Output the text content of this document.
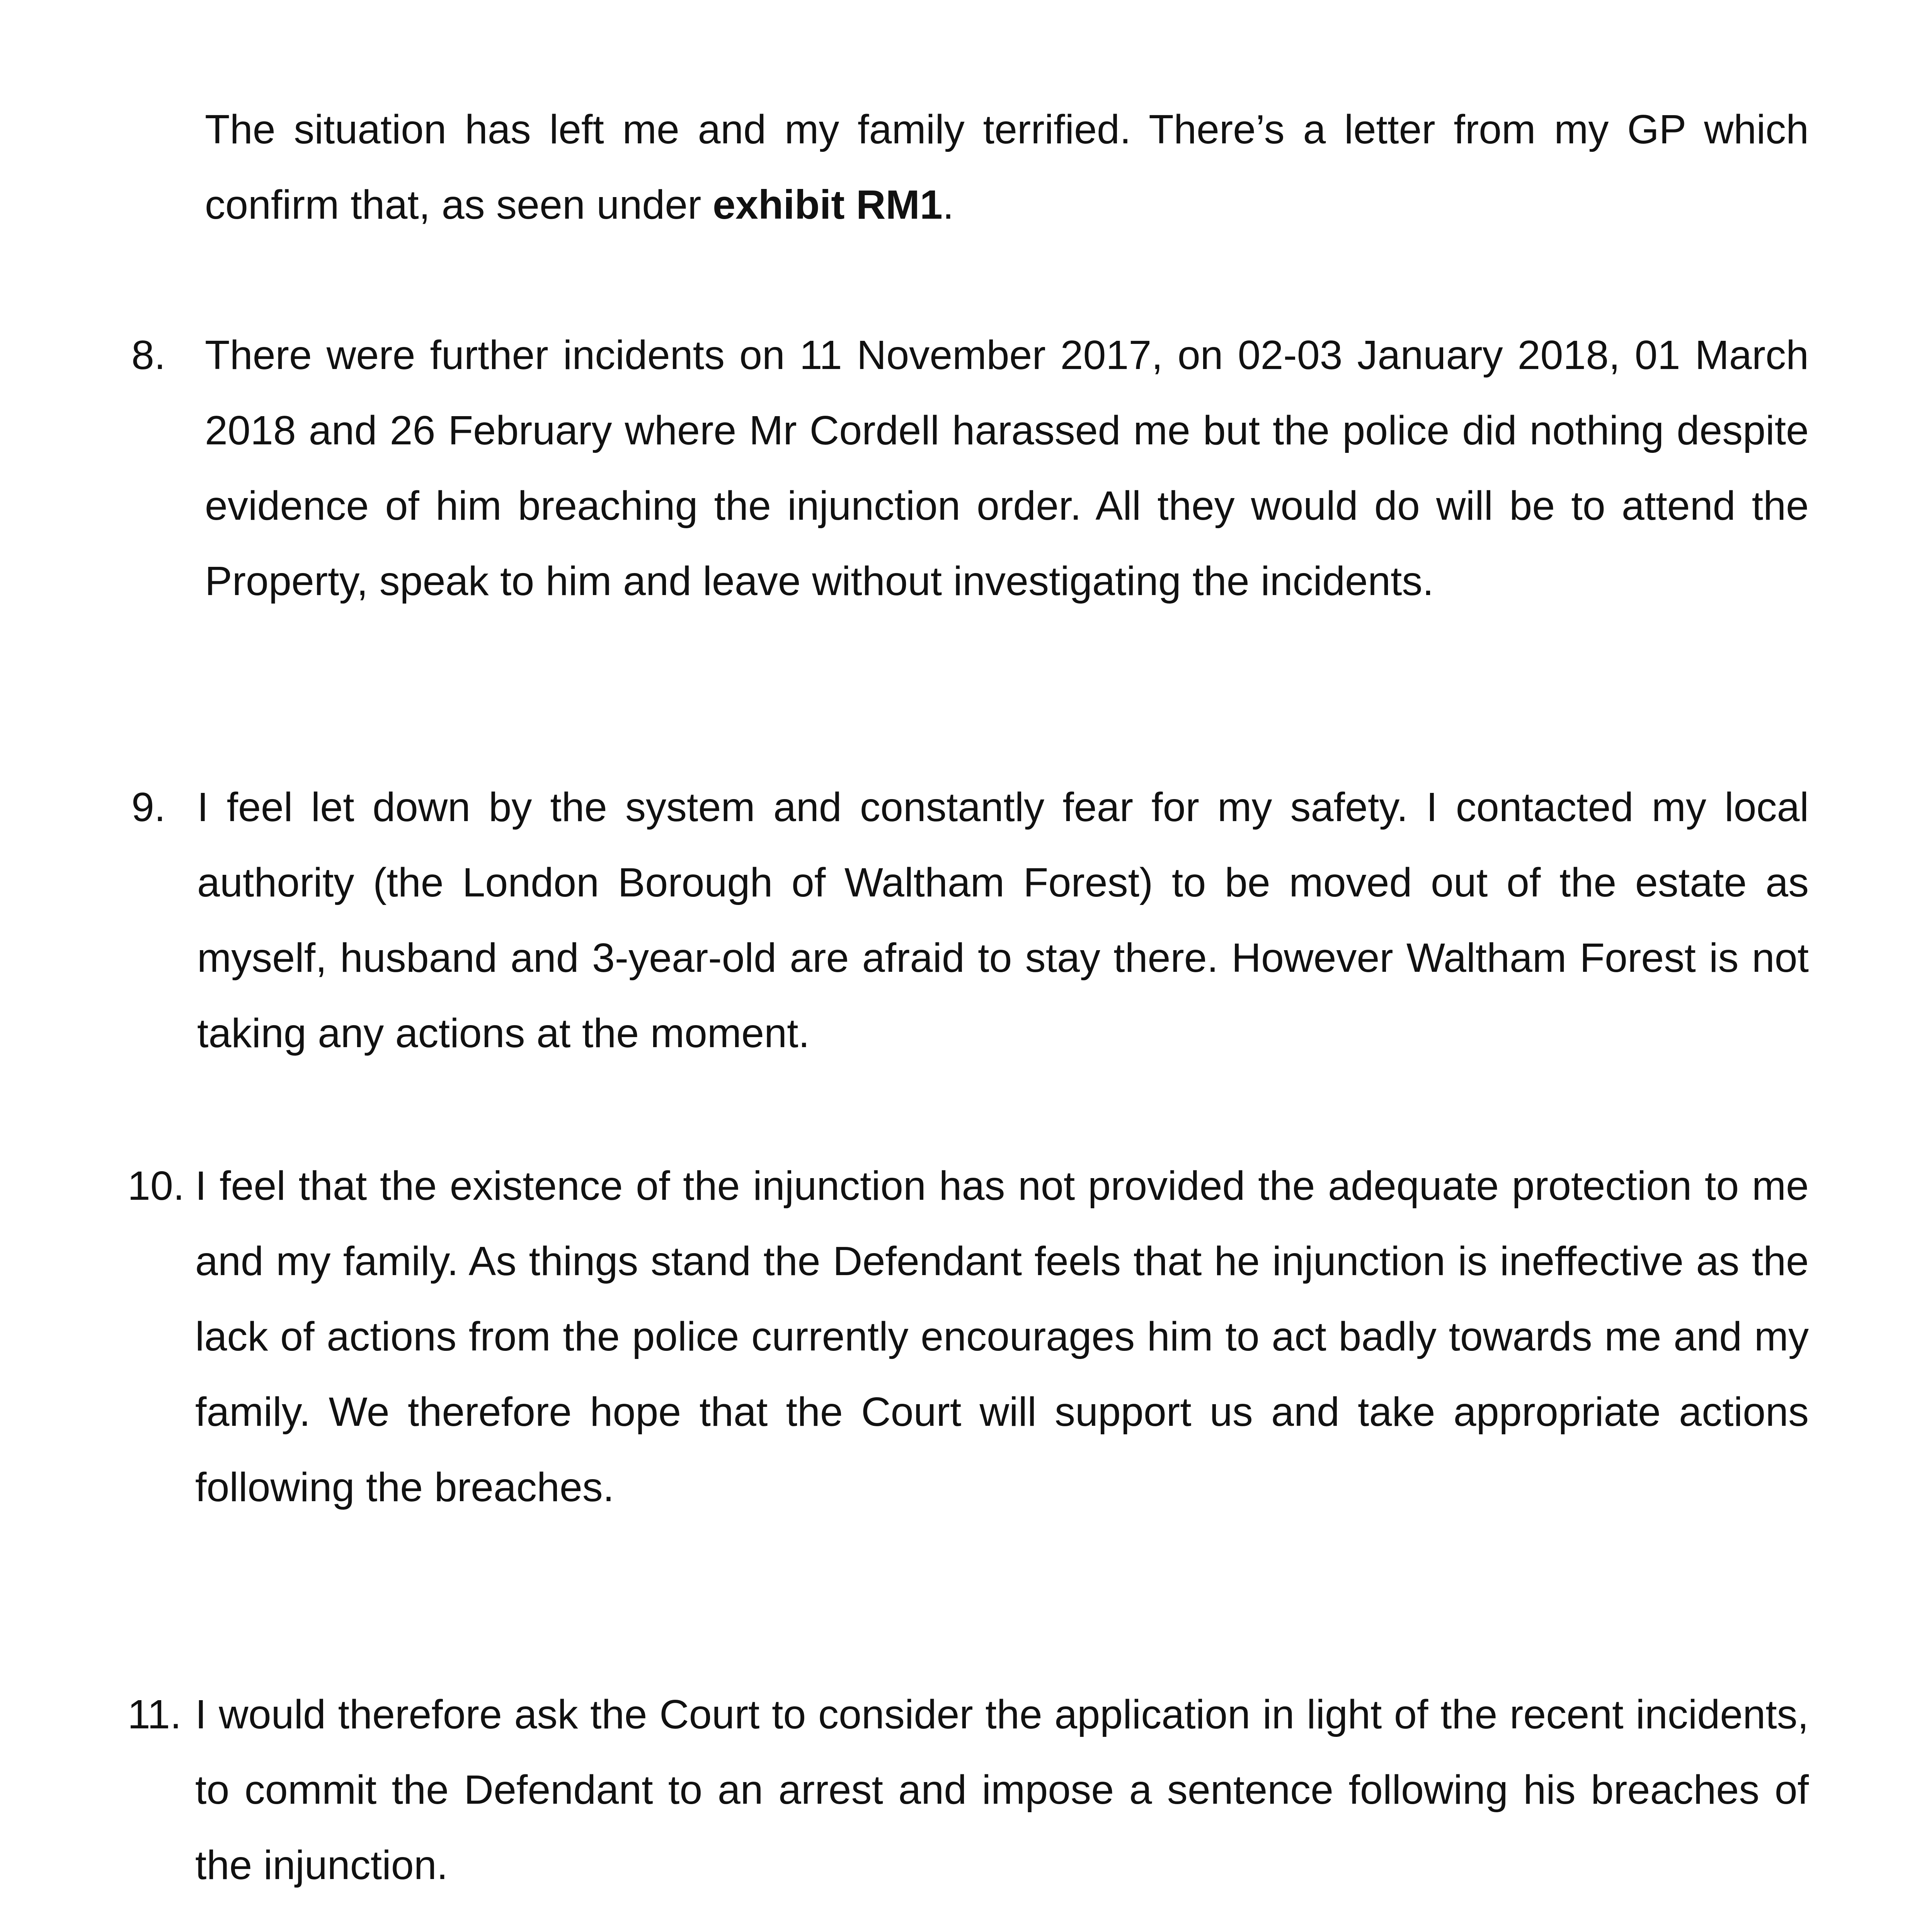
The situation has left me and my family terrified. There’s a letter from my GP which confirm that, as seen under exhibit RM1.

8. There were further incidents on 11 November 2017, on 02-03 January 2018, 01 March 2018 and 26 February where Mr Cordell harassed me but the police did nothing despite evidence of him breaching the injunction order. All they would do will be to attend the Property, speak to him and leave without investigating the incidents.

9. I feel let down by the system and constantly fear for my safety. I contacted my local authority (the London Borough of Waltham Forest) to be moved out of the estate as myself, husband and 3-year-old are afraid to stay there. However Waltham Forest is not taking any actions at the moment.

10. I feel that the existence of the injunction has not provided the adequate protection to me and my family. As things stand the Defendant feels that he injunction is ineffective as the lack of actions from the police currently encourages him to act badly towards me and my family. We therefore hope that the Court will support us and take appropriate actions following the breaches.

11. I would therefore ask the Court to consider the application in light of the recent incidents, to commit the Defendant to an arrest and impose a sentence following his breaches of the injunction.
